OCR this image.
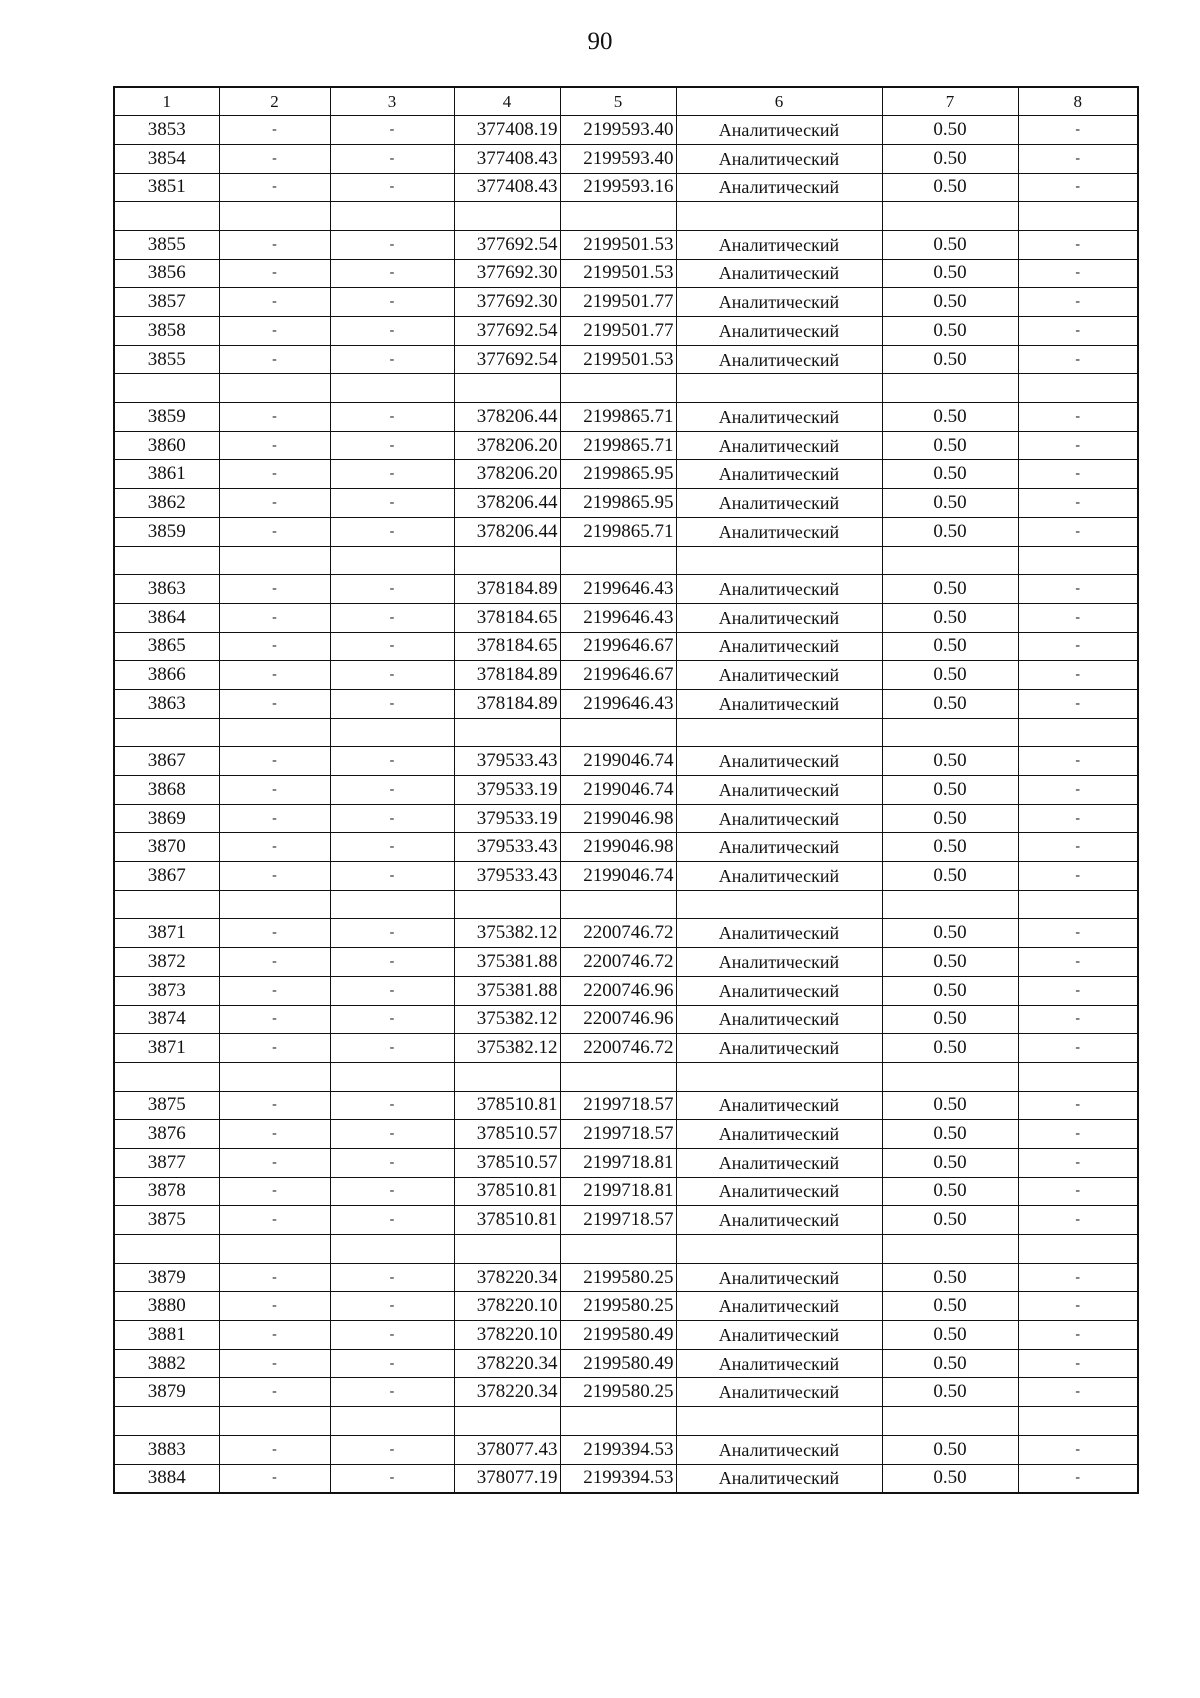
90
1	2	3	4	5	6	7	8
3853	-	-	377408.19	2199593.40	Аналитический	0.50	-
3854	-	-	377408.43	2199593.40	Аналитический	0.50	-
3851	-	-	377408.43	2199593.16	Аналитический	0.50	-

3855	-	-	377692.54	2199501.53	Аналитический	0.50	-
3856	-	-	377692.30	2199501.53	Аналитический	0.50	-
3857	-	-	377692.30	2199501.77	Аналитический	0.50	-
3858	-	-	377692.54	2199501.77	Аналитический	0.50	-
3855	-	-	377692.54	2199501.53	Аналитический	0.50	-

3859	-	-	378206.44	2199865.71	Аналитический	0.50	-
3860	-	-	378206.20	2199865.71	Аналитический	0.50	-
3861	-	-	378206.20	2199865.95	Аналитический	0.50	-
3862	-	-	378206.44	2199865.95	Аналитический	0.50	-
3859	-	-	378206.44	2199865.71	Аналитический	0.50	-

3863	-	-	378184.89	2199646.43	Аналитический	0.50	-
3864	-	-	378184.65	2199646.43	Аналитический	0.50	-
3865	-	-	378184.65	2199646.67	Аналитический	0.50	-
3866	-	-	378184.89	2199646.67	Аналитический	0.50	-
3863	-	-	378184.89	2199646.43	Аналитический	0.50	-

3867	-	-	379533.43	2199046.74	Аналитический	0.50	-
3868	-	-	379533.19	2199046.74	Аналитический	0.50	-
3869	-	-	379533.19	2199046.98	Аналитический	0.50	-
3870	-	-	379533.43	2199046.98	Аналитический	0.50	-
3867	-	-	379533.43	2199046.74	Аналитический	0.50	-

3871	-	-	375382.12	2200746.72	Аналитический	0.50	-
3872	-	-	375381.88	2200746.72	Аналитический	0.50	-
3873	-	-	375381.88	2200746.96	Аналитический	0.50	-
3874	-	-	375382.12	2200746.96	Аналитический	0.50	-
3871	-	-	375382.12	2200746.72	Аналитический	0.50	-

3875	-	-	378510.81	2199718.57	Аналитический	0.50	-
3876	-	-	378510.57	2199718.57	Аналитический	0.50	-
3877	-	-	378510.57	2199718.81	Аналитический	0.50	-
3878	-	-	378510.81	2199718.81	Аналитический	0.50	-
3875	-	-	378510.81	2199718.57	Аналитический	0.50	-

3879	-	-	378220.34	2199580.25	Аналитический	0.50	-
3880	-	-	378220.10	2199580.25	Аналитический	0.50	-
3881	-	-	378220.10	2199580.49	Аналитический	0.50	-
3882	-	-	378220.34	2199580.49	Аналитический	0.50	-
3879	-	-	378220.34	2199580.25	Аналитический	0.50	-

3883	-	-	378077.43	2199394.53	Аналитический	0.50	-
3884	-	-	378077.19	2199394.53	Аналитический	0.50	-
